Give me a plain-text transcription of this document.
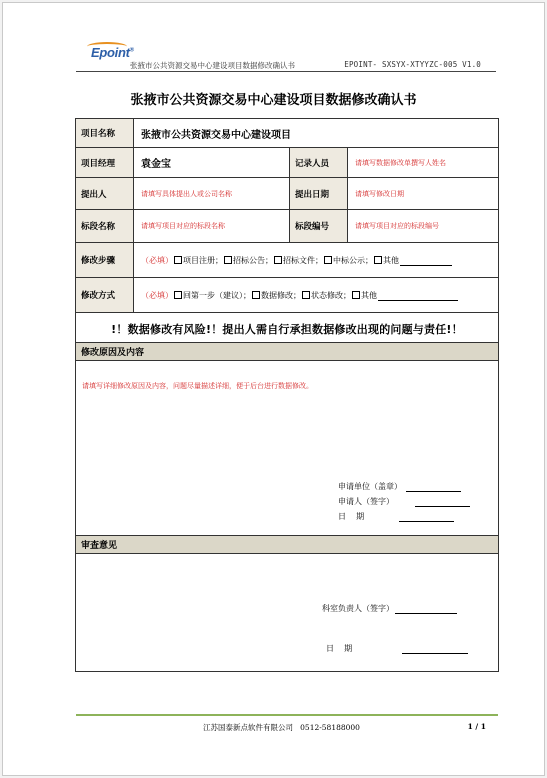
Epoint®
张掖市公共资源交易中心建设项目数据修改确认书	EPOINT- SXSYX-XTYYZC-005 V1.0
张掖市公共资源交易中心建设项目数据修改确认书
项目名称	张掖市公共资源交易中心建设项目
项目经理	袁金宝	记录人员	请填写数据修改单撰写人姓名
提出人	请填写具体提出人或公司名称	提出日期	请填写修改日期
标段名称	请填写项目对应的标段名称	标段编号	请填写项目对应的标段编号
修改步骤	（必填） 项目注册； 招标公告； 招标文件； 中标公示； 其他
修改方式	（必填） 回第一步（建议）； 数据修改； 状态修改； 其他
!！数据修改有风险!！提出人需自行承担数据修改出现的问题与责任!！
修改原因及内容
请填写详细修改原因及内容，问题尽量描述详细，便于后台进行数据修改。
申请单位（盖章）
申请人（签字）
日    期
审查意见
科室负责人（签字）
日    期
江苏国泰新点软件有限公司   0512-58188000	1 / 1
